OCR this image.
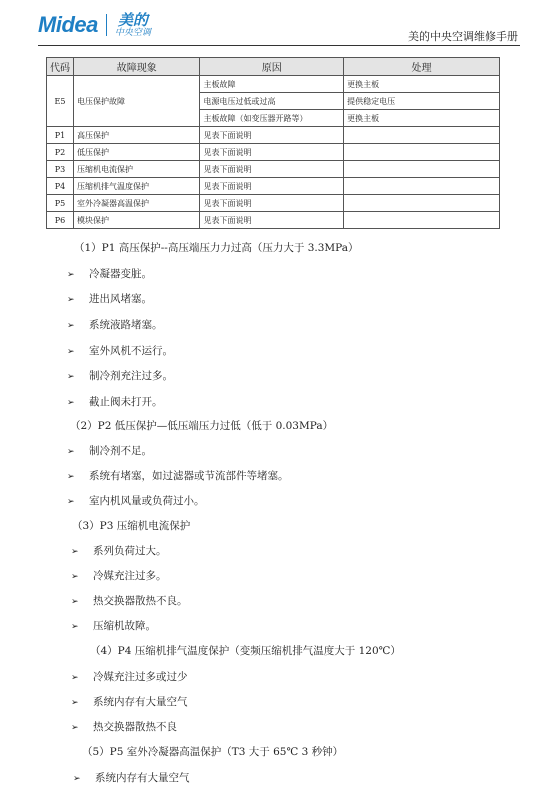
Midea 美的
中央空调	美的中央空调维修手册
代码	故障现象	原因	处理
E5	电压保护故障	主板故障	更换主板
		电源电压过低或过高	提供稳定电压
		主板故障（如变压器开路等）	更换主板
P1	高压保护	见表下面说明	
P2	低压保护	见表下面说明	
P3	压缩机电流保护	见表下面说明	
P4	压缩机排气温度保护	见表下面说明	
P5	室外冷凝器高温保护	见表下面说明	
P6	模块保护	见表下面说明	
（1）P1 高压保护--高压端压力力过高（压力大于 3.3MPa）
➢ 冷凝器变脏。
➢ 进出风堵塞。
➢ 系统液路堵塞。
➢ 室外风机不运行。
➢ 制冷剂充注过多。
➢ 截止阀未打开。
（2）P2 低压保护—低压端压力过低（低于 0.03MPa）
➢ 制冷剂不足。
➢ 系统有堵塞，如过滤器或节流部件等堵塞。
➢ 室内机风量或负荷过小。
（3）P3 压缩机电流保护
➢ 系列负荷过大。
➢ 冷媒充注过多。
➢ 热交换器散热不良。
➢ 压缩机故障。
（4）P4 压缩机排气温度保护（变频压缩机排气温度大于 120℃）
➢ 冷媒充注过多或过少
➢ 系统内存有大量空气
➢ 热交换器散热不良
（5）P5 室外冷凝器高温保护（T3 大于 65℃ 3 秒钟）
➢ 系统内存有大量空气
